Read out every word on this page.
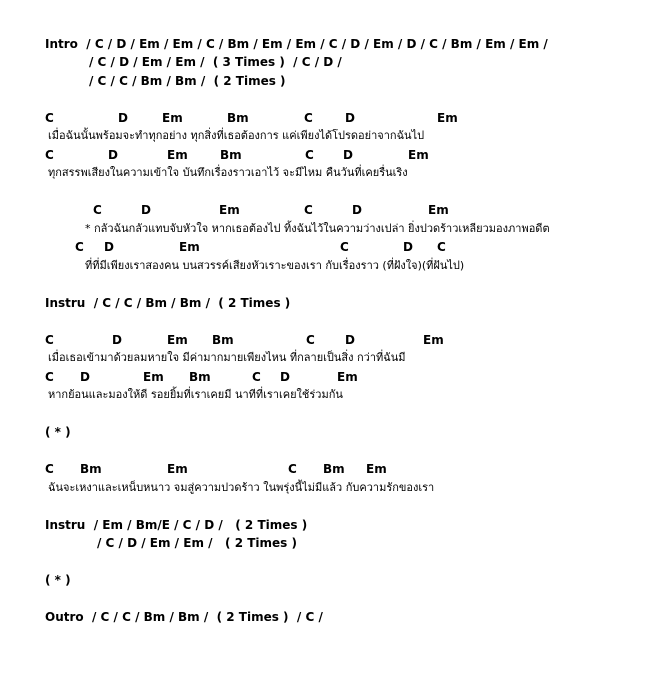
Intro  / C / D / Em / Em / C / Bm / Em / Em / C / D / Em / D / C / Bm / Em / Em /
/ C / D / Em / Em /  ( 3 Times )  / C / D /
/ C / C / Bm / Bm /  ( 2 Times )
C	D	Em	Bm	C	D	Em
เมื่อฉันนั้นพร้อมจะทำทุกอย่าง ทุกสิ่งที่เธอต้องการ แค่เพียงได้โปรดอย่าจากฉันไป
C	D	Em	Bm	C D	Em
ทุกสรรพเสียงในความเข้าใจ บันทึกเรื่องราวเอาไว้ จะมีไหม คืนวันที่เคยรื่นเริง
C	D	Em	C	D	Em
* กลัวฉันกลัวแทบจับหัวใจ หากเธอต้องไป ทิ้งฉันไว้ในความว่างเปล่า ยิ่งปวดร้าวเหลียวมองภาพอดีต
C D	Em	C	D C
ที่ที่มีเพียงเราสองคน บนสวรรค์เสียงหัวเราะของเรา กับเรื่องราว (ที่ฝังใจ)(ที่ฝันไป)
Instru  / C / C / Bm / Bm /  ( 2 Times )
C	D	Em Bm	C	D	Em
เมื่อเธอเข้ามาด้วยลมหายใจ มีค่ามากมายเพียงไหน ที่กลายเป็นสิ่ง กว่าที่ฉันมี
C D	Em Bm	C D	Em
หากย้อนและมองให้ดี รอยยิ้มที่เราเคยมี นาทีที่เราเคยใช้ร่วมกัน
( * )
C Bm	Em	C Bm Em
ฉันจะเหงาและเหน็บหนาว จมสู่ความปวดร้าว ในพรุ่งนี้ไม่มีแล้ว กับความรักของเรา
Instru  / Em / Bm/E / C / D /   ( 2 Times )
/ C / D / Em / Em /   ( 2 Times )
( * )
Outro  / C / C / Bm / Bm /  ( 2 Times )  / C /
